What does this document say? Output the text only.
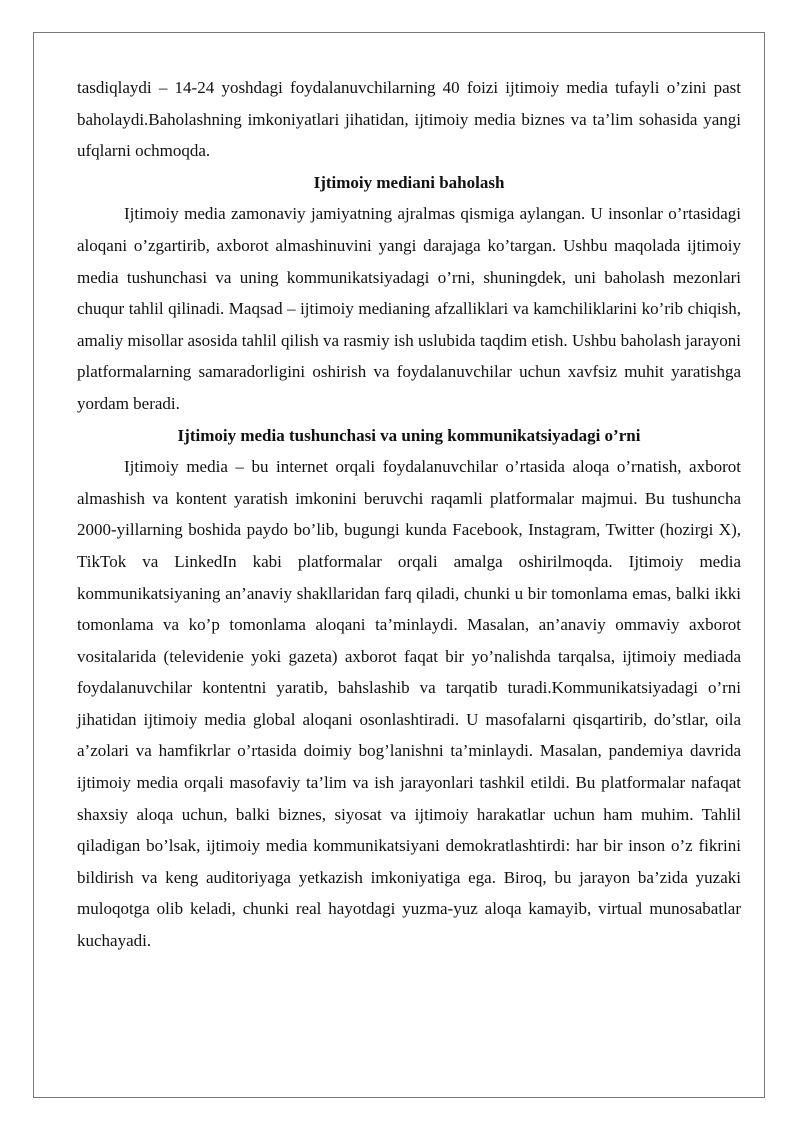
tasdiqlaydi – 14-24 yoshdagi foydalanuvchilarning 40 foizi ijtimoiy media tufayli o’zini past baholaydi.Baholashning imkoniyatlari jihatidan, ijtimoiy media biznes va ta’lim sohasida yangi ufqlarni ochmoqda.

Ijtimoiy mediani baholash

Ijtimoiy media zamonaviy jamiyatning ajralmas qismiga aylangan. U insonlar o’rtasidagi aloqani o’zgartirib, axborot almashinuvini yangi darajaga ko’targan. Ushbu maqolada ijtimoiy media tushunchasi va uning kommunikatsiyadagi o’rni, shuningdek, uni baholash mezonlari chuqur tahlil qilinadi. Maqsad – ijtimoiy medianing afzalliklari va kamchiliklarini ko’rib chiqish, amaliy misollar asosida tahlil qilish va rasmiy ish uslubida taqdim etish. Ushbu baholash jarayoni platformalarning samaradorligini oshirish va foydalanuvchilar uchun xavfsiz muhit yaratishga yordam beradi.

Ijtimoiy media tushunchasi va uning kommunikatsiyadagi o’rni

Ijtimoiy media – bu internet orqali foydalanuvchilar o’rtasida aloqa o’rnatish, axborot almashish va kontent yaratish imkonini beruvchi raqamli platformalar majmui. Bu tushuncha 2000-yillarning boshida paydo bo’lib, bugungi kunda Facebook, Instagram, Twitter (hozirgi X), TikTok va LinkedIn kabi platformalar orqali amalga oshirilmoqda. Ijtimoiy media kommunikatsiyaning an’anaviy shakllaridan farq qiladi, chunki u bir tomonlama emas, balki ikki tomonlama va ko’p tomonlama aloqani ta’minlaydi. Masalan, an’anaviy ommaviy axborot vositalarida (televidenie yoki gazeta) axborot faqat bir yo’nalishda tarqalsa, ijtimoiy mediada foydalanuvchilar kontentni yaratib, bahslashib va tarqatib turadi.Kommunikatsiyadagi o’rni jihatidan ijtimoiy media global aloqani osonlashtiradi. U masofalarni qisqartirib, do’stlar, oila a’zolari va hamfikrlar o’rtasida doimiy bog’lanishni ta’minlaydi. Masalan, pandemiya davrida ijtimoiy media orqali masofaviy ta’lim va ish jarayonlari tashkil etildi. Bu platformalar nafaqat shaxsiy aloqa uchun, balki biznes, siyosat va ijtimoiy harakatlar uchun ham muhim. Tahlil qiladigan bo’lsak, ijtimoiy media kommunikatsiyani demokratlashtirdi: har bir inson o’z fikrini bildirish va keng auditoriyaga yetkazish imkoniyatiga ega. Biroq, bu jarayon ba’zida yuzaki muloqotga olib keladi, chunki real hayotdagi yuzma-yuz aloqa kamayib, virtual munosabatlar kuchayadi.
